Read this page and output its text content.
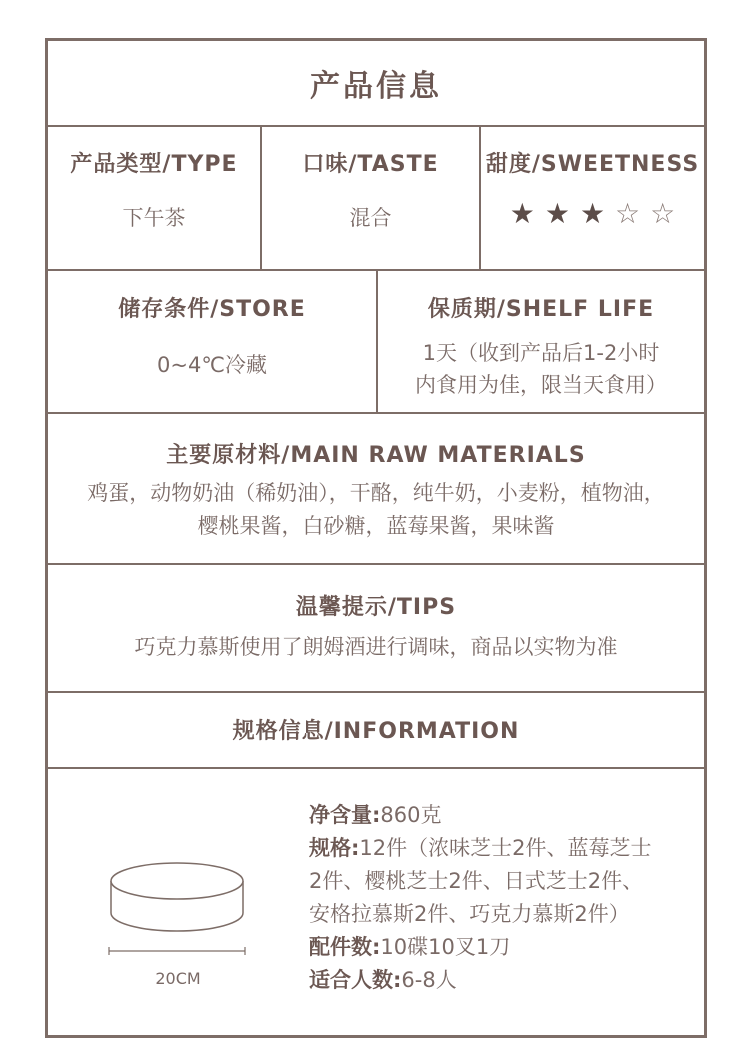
产品信息
产品类型/TYPE
下午茶
口味/TASTE
混合
甜度/SWEETNESS
★ ★ ★ ☆ ☆
储存条件/STORE
0~4℃冷藏
保质期/SHELF LIFE
1天（收到产品后1-2小时
内食用为佳，限当天食用）
主要原材料/MAIN RAW MATERIALS
鸡蛋，动物奶油（稀奶油），干酪，纯牛奶，小麦粉，植物油，
樱桃果酱，白砂糖，蓝莓果酱，果味酱
温馨提示/TIPS
巧克力慕斯使用了朗姆酒进行调味，商品以实物为准
规格信息/INFORMATION
20CM
净含量:860克
规格:12件（浓味芝士2件、蓝莓芝士
2件、樱桃芝士2件、日式芝士2件、
安格拉慕斯2件、巧克力慕斯2件）
配件数:10碟10叉1刀
适合人数:6-8人
